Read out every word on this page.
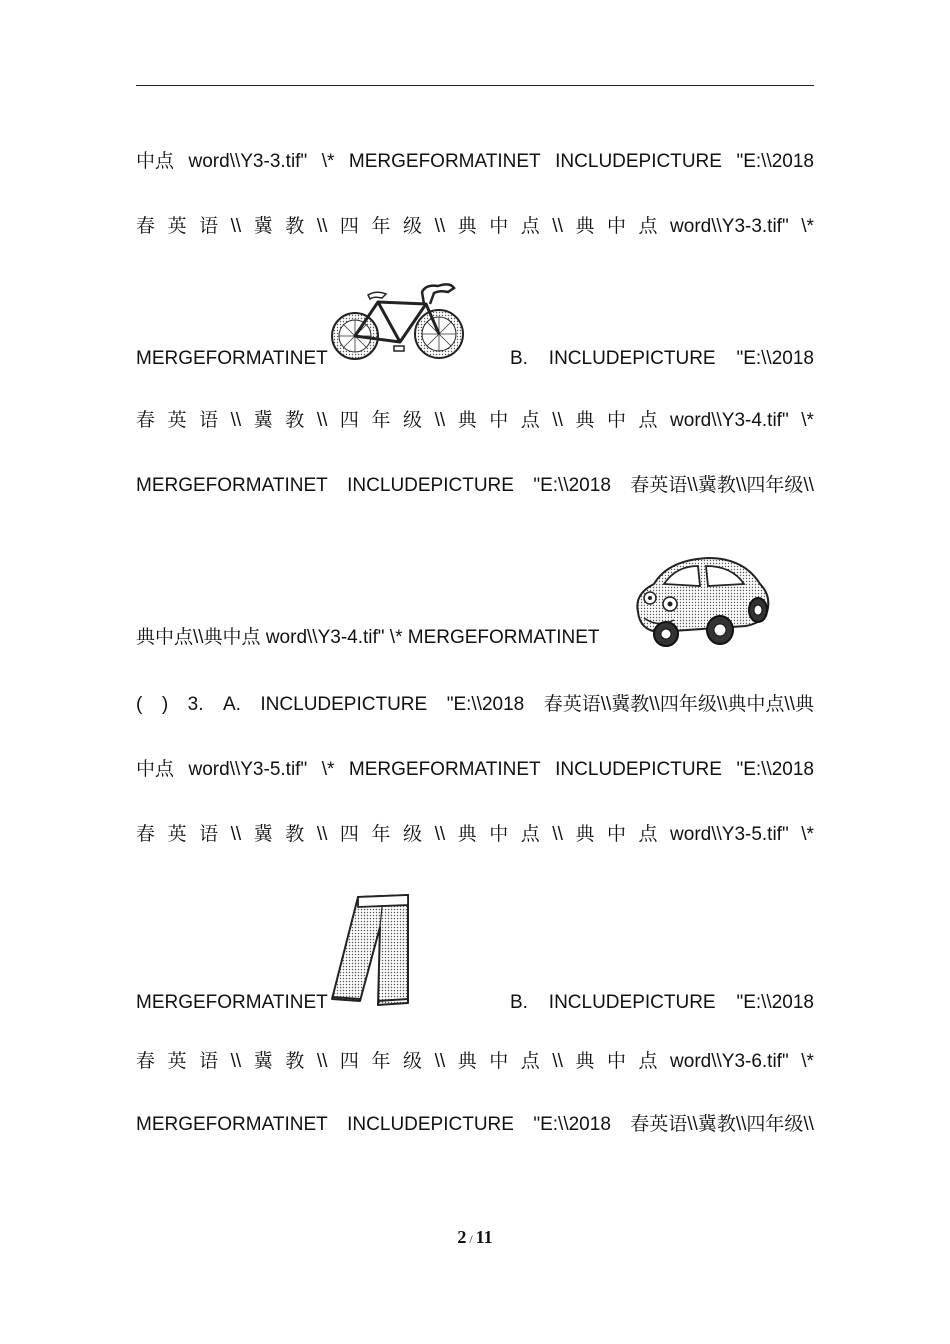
中点 word\\Y3-3.tif" \* MERGEFORMATINET INCLUDEPICTURE "E:\\2018
春 英 语 \\ 冀 教 \\ 四 年 级 \\ 典 中 点 \\ 典 中 点 word\\Y3-3.tif" \*
MERGEFORMATINET	B. INCLUDEPICTURE "E:\\2018
春 英 语 \\ 冀 教 \\ 四 年 级 \\ 典 中 点 \\ 典 中 点 word\\Y3-4.tif" \*
MERGEFORMATINET INCLUDEPICTURE "E:\\2018 春英语\\冀教\\四年级\\
典中点\\典中点 word\\Y3-4.tif" \* MERGEFORMATINET
( ) 3. A. INCLUDEPICTURE "E:\\2018 春英语\\冀教\\四年级\\典中点\\典
中点 word\\Y3-5.tif" \* MERGEFORMATINET INCLUDEPICTURE "E:\\2018
春 英 语 \\ 冀 教 \\ 四 年 级 \\ 典 中 点 \\ 典 中 点 word\\Y3-5.tif" \*
MERGEFORMATINET	B. INCLUDEPICTURE "E:\\2018
春 英 语 \\ 冀 教 \\ 四 年 级 \\ 典 中 点 \\ 典 中 点 word\\Y3-6.tif" \*
MERGEFORMATINET INCLUDEPICTURE "E:\\2018 春英语\\冀教\\四年级\\
2 / 11
